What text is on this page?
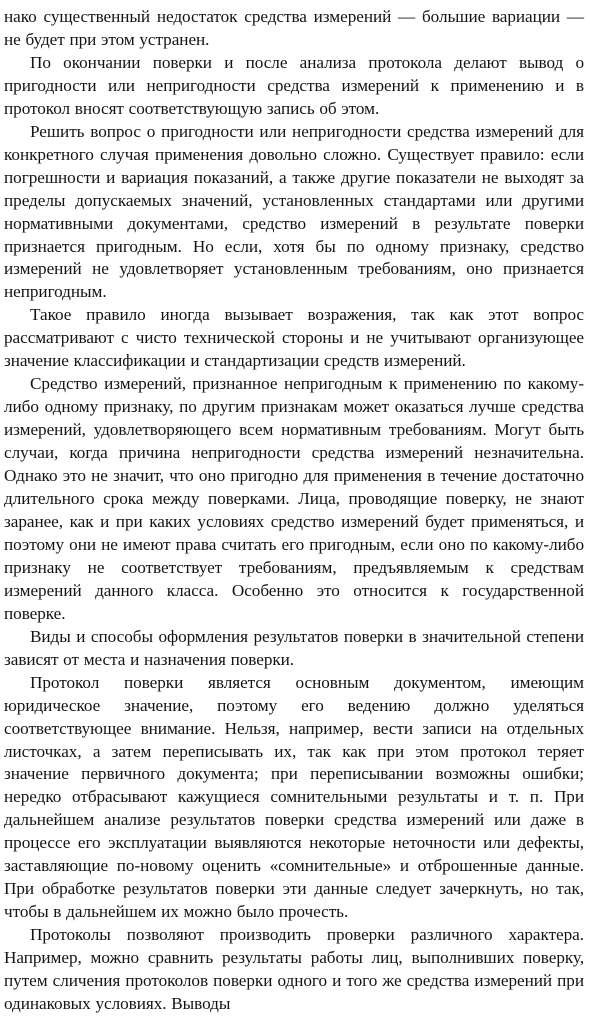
нако существенный недостаток средства измерений — большие вариации — не будет при этом устранен.

По окончании поверки и после анализа протокола делают вывод о пригодности или непригодности средства измерений к применению и в протокол вносят соответствующую запись об этом.

Решить вопрос о пригодности или непригодности средства измерений для конкретного случая применения довольно сложно. Существует правило: если погрешности и вариация показаний, а также другие показатели не выходят за пределы допускаемых значений, установленных стандартами или другими нормативными документами, средство измерений в результате поверки признается пригодным. Но если, хотя бы по одному признаку, средство измерений не удовлетворяет установленным требованиям, оно признается непригодным.

Такое правило иногда вызывает возражения, так как этот вопрос рассматривают с чисто технической стороны и не учитывают организующее значение классификации и стандартизации средств измерений.

Средство измерений, признанное непригодным к применению по какому-либо одному признаку, по другим признакам может оказаться лучше средства измерений, удовлетворяющего всем нормативным требованиям. Могут быть случаи, когда причина непригодности средства измерений незначительна. Однако это не значит, что оно пригодно для применения в течение достаточно длительного срока между поверками. Лица, проводящие поверку, не знают заранее, как и при каких условиях средство измерений будет применяться, и поэтому они не имеют права считать его пригодным, если оно по какому-либо признаку не соответствует требованиям, предъявляемым к средствам измерений данного класса. Особенно это относится к государственной поверке.

Виды и способы оформления результатов поверки в значительной степени зависят от места и назначения поверки.

Протокол поверки является основным документом, имеющим юридическое значение, поэтому его ведению должно уделяться соответствующее внимание. Нельзя, например, вести записи на отдельных листочках, а затем переписывать их, так как при этом протокол теряет значение первичного документа; при переписывании возможны ошибки; нередко отбрасывают кажущиеся сомнительными результаты и т. п. При дальнейшем анализе результатов поверки средства измерений или даже в процессе его эксплуатации выявляются некоторые неточности или дефекты, заставляющие по-новому оценить «сомнительные» и отброшенные данные. При обработке результатов поверки эти данные следует зачеркнуть, но так, чтобы в дальнейшем их можно было прочесть.

Протоколы позволяют производить проверки различного характера. Например, можно сравнить результаты работы лиц, выполнивших поверку, путем сличения протоколов поверки одного и того же средства измерений при одинаковых условиях. Выводы
